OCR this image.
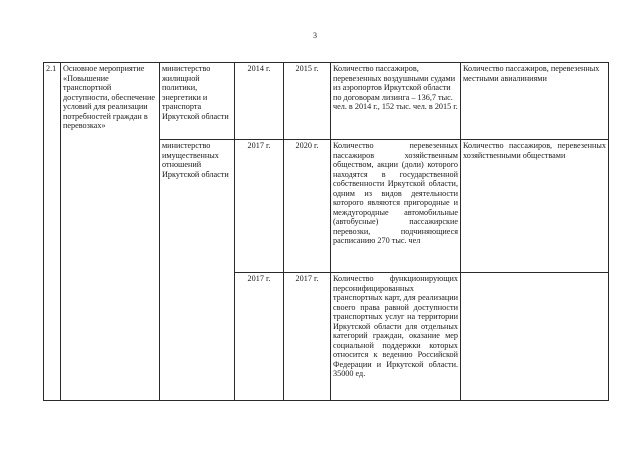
3
2.1	Основное мероприятие «Повышение транспортной доступности, обеспечение условий для реализации потребностей граждан в перевозках»	министерство жилищной политики, энергетики и транспорта Иркутской области	2014 г.	2015 г.	Количество пассажиров, перевезенных воздушными судами из аэропортов Иркутской области по договорам лизинга – 136,7 тыс. чел. в 2014 г., 152 тыс. чел. в 2015 г.	Количество пассажиров, перевезенных местными авиалиниями
		министерство имущественных отношений Иркутской области	2017 г.	2020 г.	Количество перевезенных пассажиров хозяйственным обществом, акции (доли) которого находятся в государственной собственности Иркутской области, одним из видов деятельности которого являются пригородные и междугородные автомобильные (автобусные) пассажирские перевозки, подчиняющиеся расписанию 270 тыс. чел	Количество пассажиров, перевезенных хозяйственными обществами
			2017 г.	2017 г.	Количество функционирующих персонифицированных транспортных карт, для реализации своего права равной доступности транспортных услуг на территории Иркутской области для отдельных категорий граждан, оказание мер социальной поддержки которых относится к ведению Российской Федерации и Иркутской области. 35000 ед.	
